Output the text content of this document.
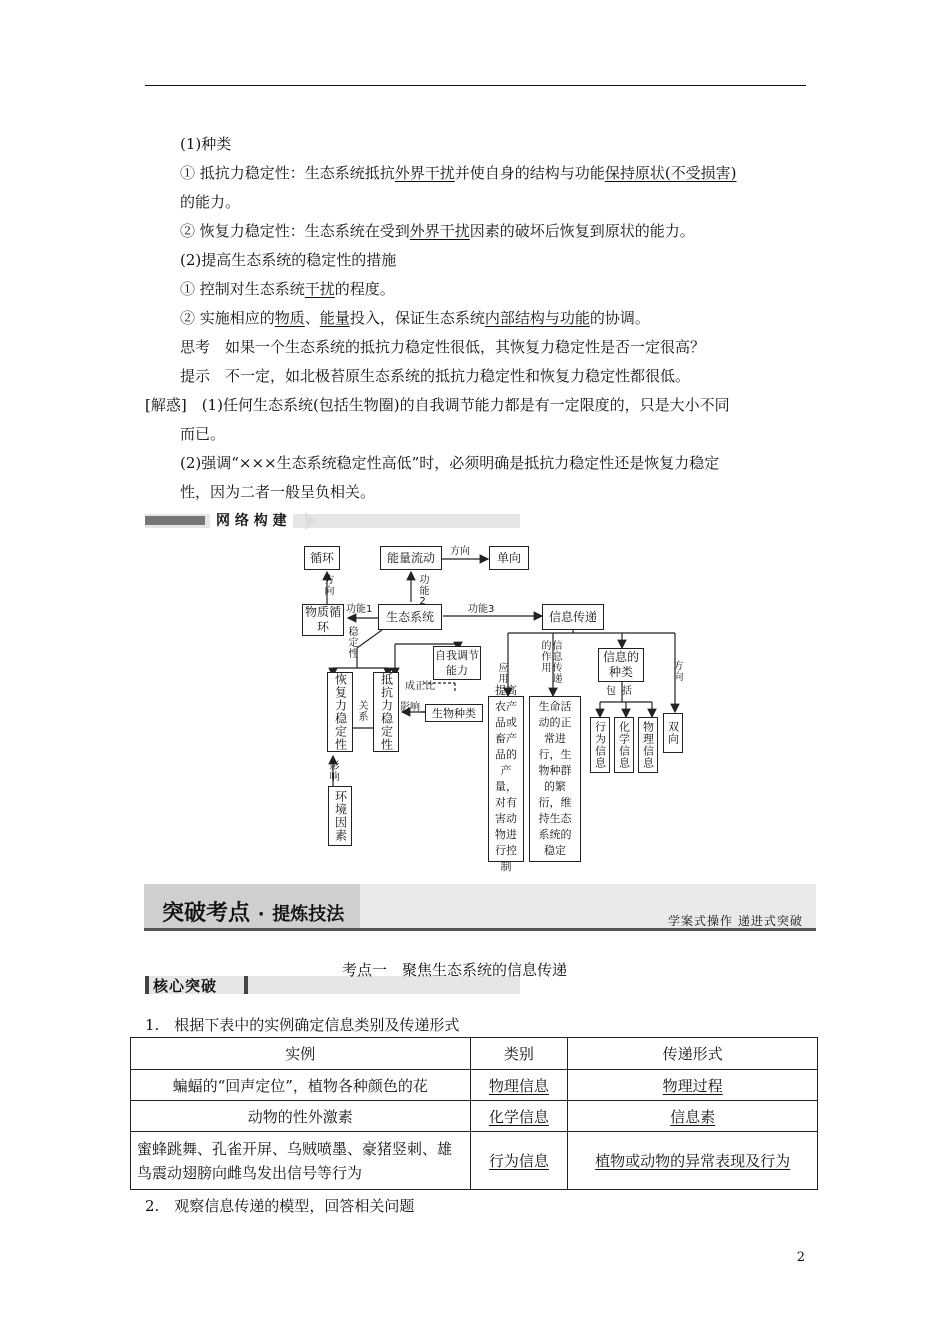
(1)种类
① 抵抗力稳定性：生态系统抵抗外界干扰并使自身的结构与功能保持原状(不受损害)
的能力。
② 恢复力稳定性：生态系统在受到外界干扰因素的破坏后恢复到原状的能力。
(2)提高生态系统的稳定性的措施
① 控制对生态系统干扰的程度。
② 实施相应的物质、能量投入，保证生态系统内部结构与功能的协调。
思考　如果一个生态系统的抵抗力稳定性很低，其恢复力稳定性是否一定很高？
提示　不一定，如北极苔原生态系统的抵抗力稳定性和恢复力稳定性都很低。
[解惑]　(1)任何生态系统(包括生物圈)的自我调节能力都是有一定限度的，只是大小不同
而已。
(2)强调“×××生态系统稳定性高低”时，必须明确是抵抗力稳定性还是恢复力稳定
性，因为二者一般呈负相关。
网 络 构 建
循环	能量流动	单向
物质循环
生态系统	信息传递
自我调节能力
恢复力稳定性	抵抗力稳定性	生物种类
环境因素
提高农产品或畜产品的产量，对有害动物进行控制
生命活动的正常进行，生物种群的繁衍，维持生态系统的稳定
信息的种类
行为信息	化学信息	物理信息	双向
方向
方向
功能2
功能1	功能3
稳定性
关系
成正比
影响
影响
应用	信息传递的作用
包括
方向
突破考点 · 提炼技法	学案式操作 递进式突破
核心突破
考点一　聚焦生态系统的信息传递
1.　根据下表中的实例确定信息类别及传递形式
实例	类别	传递形式
蝙蝠的“回声定位”，植物各种颜色的花	物理信息	物理过程
动物的性外激素	化学信息	信息素
蜜蜂跳舞、孔雀开屏、乌贼喷墨、豪猪竖刺、雄鸟震动翅膀向雌鸟发出信号等行为	行为信息	植物或动物的异常表现及行为
2.　观察信息传递的模型，回答相关问题
2
